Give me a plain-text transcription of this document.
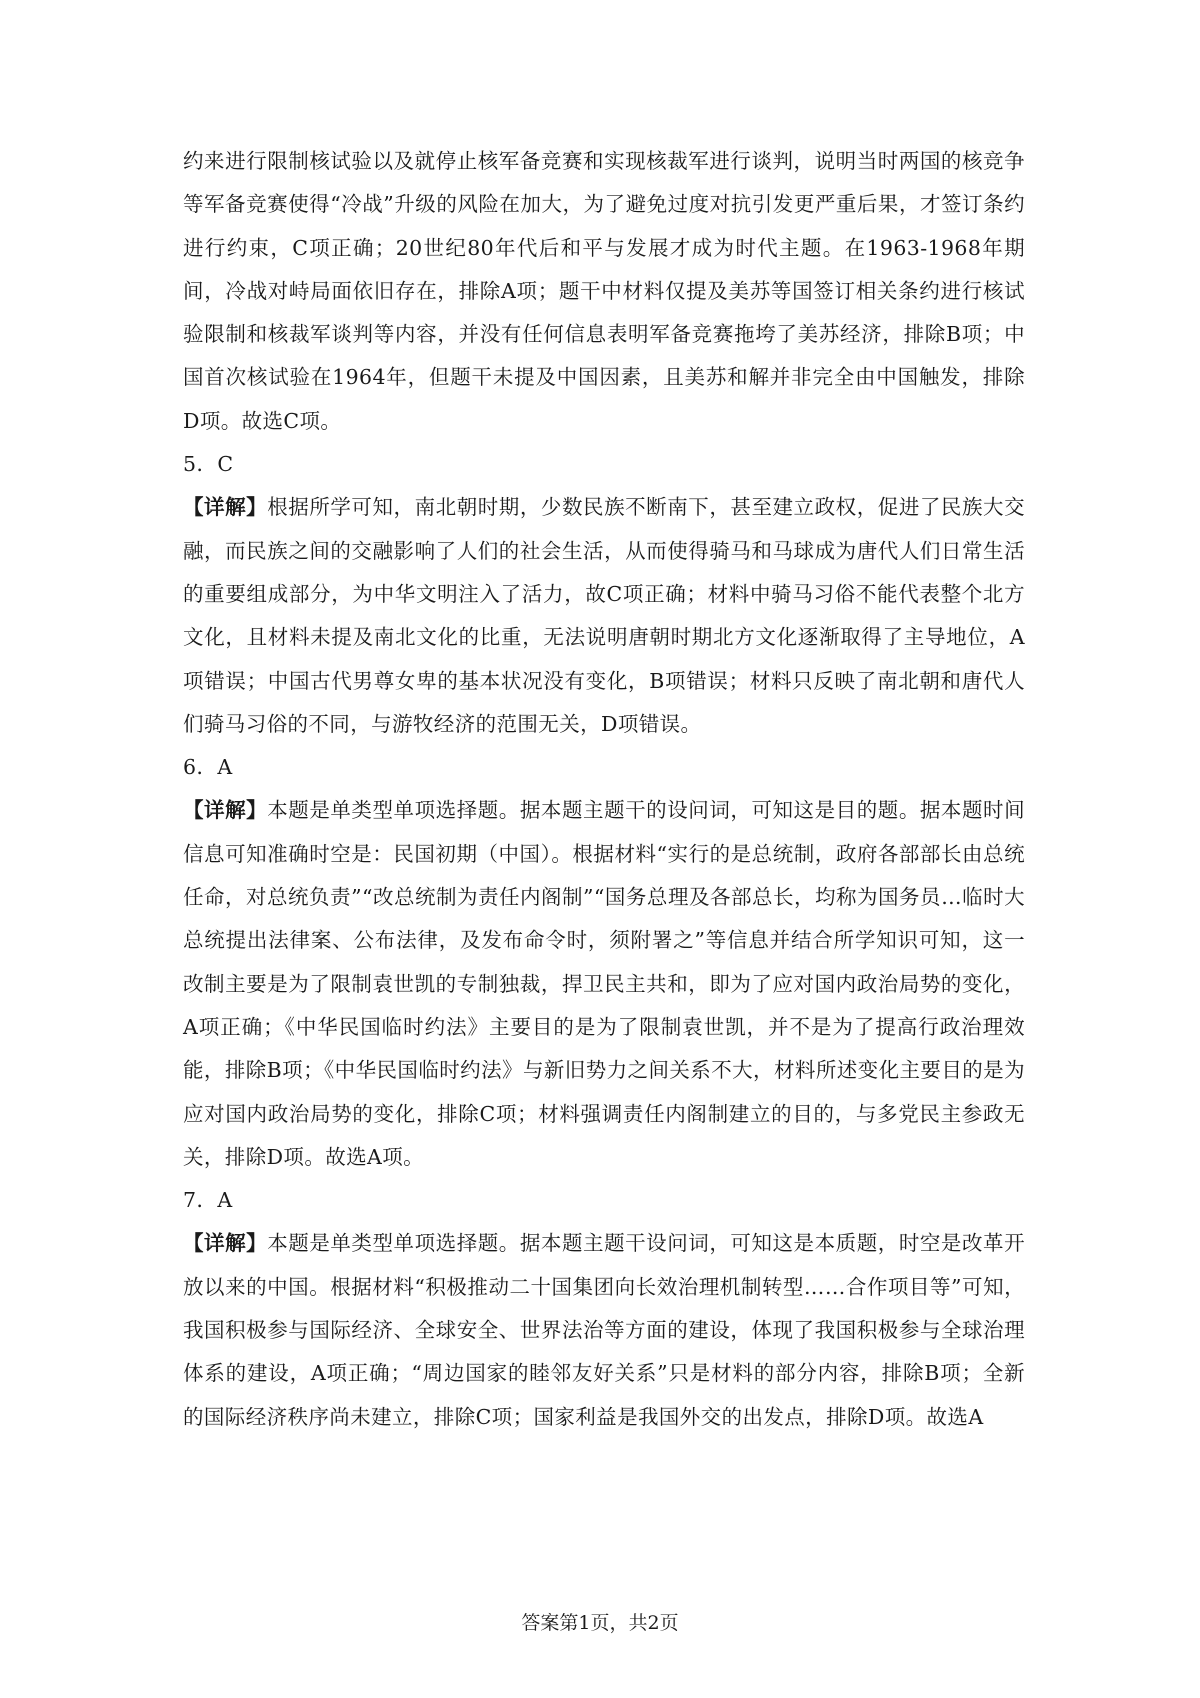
约来进行限制核试验以及就停止核军备竞赛和实现核裁军进行谈判，说明当时两国的核竞争等军备竞赛使得“冷战”升级的风险在加大，为了避免过度对抗引发更严重后果，才签订条约进行约束，C项正确；20世纪80年代后和平与发展才成为时代主题。在1963-1968年期间，冷战对峙局面依旧存在，排除A项；题干中材料仅提及美苏等国签订相关条约进行核试验限制和核裁军谈判等内容，并没有任何信息表明军备竞赛拖垮了美苏经济，排除B项；中国首次核试验在1964年，但题干未提及中国因素，且美苏和解并非完全由中国触发，排除D项。故选C项。

5．C

【详解】根据所学可知，南北朝时期，少数民族不断南下，甚至建立政权，促进了民族大交融，而民族之间的交融影响了人们的社会生活，从而使得骑马和马球成为唐代人们日常生活的重要组成部分，为中华文明注入了活力，故C项正确；材料中骑马习俗不能代表整个北方文化，且材料未提及南北文化的比重，无法说明唐朝时期北方文化逐渐取得了主导地位，A项错误；中国古代男尊女卑的基本状况没有变化，B项错误；材料只反映了南北朝和唐代人们骑马习俗的不同，与游牧经济的范围无关，D项错误。

6．A

【详解】本题是单类型单项选择题。据本题主题干的设问词，可知这是目的题。据本题时间信息可知准确时空是：民国初期（中国）。根据材料“实行的是总统制，政府各部部长由总统任命，对总统负责”“改总统制为责任内阁制”“国务总理及各部总长，均称为国务员…临时大总统提出法律案、公布法律，及发布命令时，须附署之”等信息并结合所学知识可知，这一改制主要是为了限制袁世凯的专制独裁，捍卫民主共和，即为了应对国内政治局势的变化，A项正确；《中华民国临时约法》主要目的是为了限制袁世凯，并不是为了提高行政治理效能，排除B项；《中华民国临时约法》与新旧势力之间关系不大，材料所述变化主要目的是为应对国内政治局势的变化，排除C项；材料强调责任内阁制建立的目的，与多党民主参政无关，排除D项。故选A项。

7．A

【详解】本题是单类型单项选择题。据本题主题干设问词，可知这是本质题，时空是改革开放以来的中国。根据材料“积极推动二十国集团向长效治理机制转型……合作项目等”可知，我国积极参与国际经济、全球安全、世界法治等方面的建设，体现了我国积极参与全球治理体系的建设，A项正确；“周边国家的睦邻友好关系”只是材料的部分内容，排除B项；全新的国际经济秩序尚未建立，排除C项；国家利益是我国外交的出发点，排除D项。故选A

答案第1页，共2页
